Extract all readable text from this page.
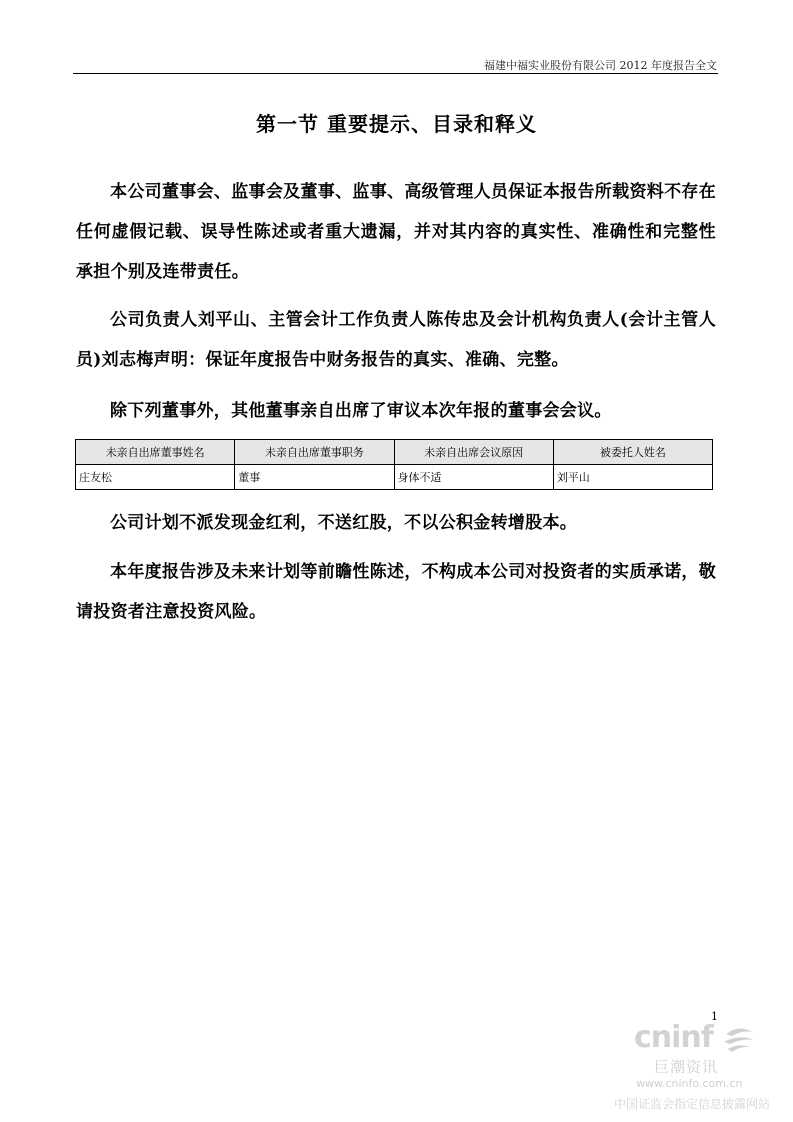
福建中福实业股份有限公司 2012 年度报告全文
第一节 重要提示、目录和释义

本公司董事会、监事会及董事、监事、高级管理人员保证本报告所载资料不存在任何虚假记载、误导性陈述或者重大遗漏，并对其内容的真实性、准确性和完整性承担个别及连带责任。

公司负责人刘平山、主管会计工作负责人陈传忠及会计机构负责人(会计主管人员)刘志梅声明：保证年度报告中财务报告的真实、准确、完整。

除下列董事外，其他董事亲自出席了审议本次年报的董事会会议。

未亲自出席董事姓名	未亲自出席董事职务	未亲自出席会议原因	被委托人姓名
庄友松	董事	身体不适	刘平山

公司计划不派发现金红利，不送红股，不以公积金转增股本。

本年度报告涉及未来计划等前瞻性陈述，不构成本公司对投资者的实质承诺，敬请投资者注意投资风险。

1
cninf
巨潮资讯
www.cninfo.com.cn
中国证监会指定信息披露网站
